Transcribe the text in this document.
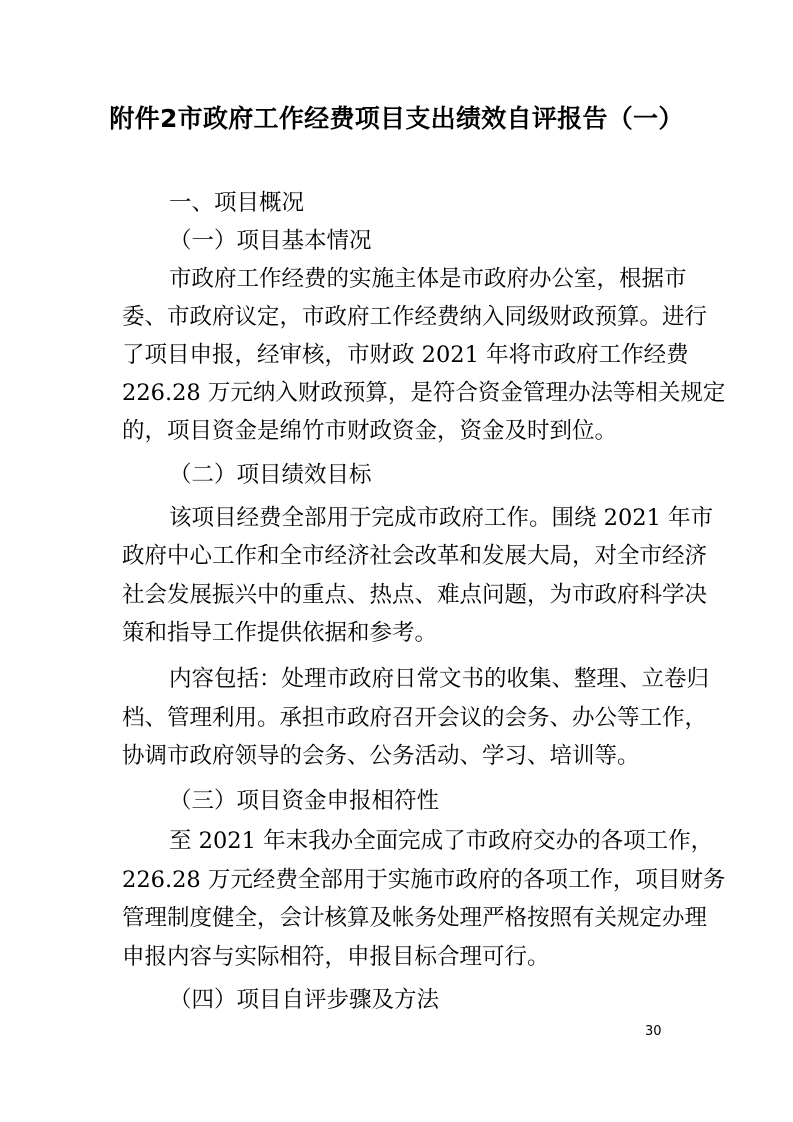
附件2市政府工作经费项目支出绩效自评报告（一）
一、项目概况
（一）项目基本情况
市政府工作经费的实施主体是市政府办公室，根据市
委、市政府议定，市政府工作经费纳入同级财政预算。进行
了项目申报，经审核，市财政 2021 年将市政府工作经费
226.28 万元纳入财政预算，是符合资金管理办法等相关规定
的，项目资金是绵竹市财政资金，资金及时到位。
（二）项目绩效目标
该项目经费全部用于完成市政府工作。围绕 2021 年市
政府中心工作和全市经济社会改革和发展大局，对全市经济
社会发展振兴中的重点、热点、难点问题，为市政府科学决
策和指导工作提供依据和参考。
内容包括：处理市政府日常文书的收集、整理、立卷归
档、管理利用。承担市政府召开会议的会务、办公等工作，
协调市政府领导的会务、公务活动、学习、培训等。
（三）项目资金申报相符性
至 2021 年末我办全面完成了市政府交办的各项工作，
226.28 万元经费全部用于实施市政府的各项工作，项目财务
管理制度健全，会计核算及帐务处理严格按照有关规定办理
申报内容与实际相符，申报目标合理可行。
（四）项目自评步骤及方法
30
